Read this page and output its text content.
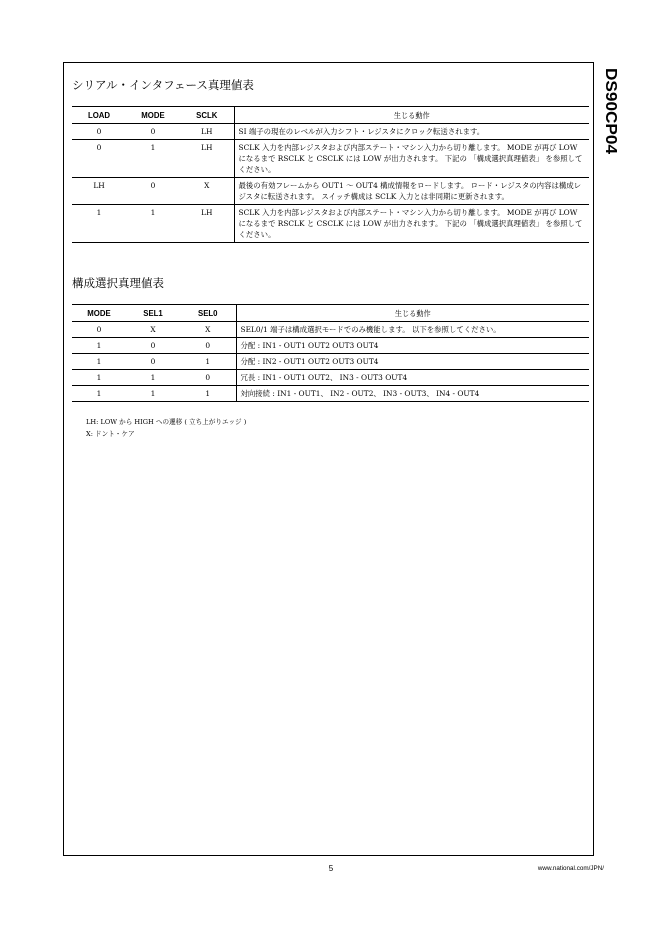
DS90CP04
シリアル・インタフェース真理値表
LOAD	MODE	SCLK	生じる動作
0	0	LH	SI 端子の現在のレベルが入力シフト・レジスタにクロック転送されます。
0	1	LH	SCLK 入力を内部レジスタおよび内部ステート・マシン入力から切り離します。 MODE が再び LOW になるまで RSCLK と CSCLK には LOW が出力されます。 下記の 「構成選択真理値表」 を参照してください。
LH	0	X	最後の有効フレームから OUT1 〜 OUT4 構成情報をロードします。 ロード・レジスタの内容は構成レジスタに転送されます。 スイッチ構成は SCLK 入力とは非同期に更新されます。
1	1	LH	SCLK 入力を内部レジスタおよび内部ステート・マシン入力から切り離します。 MODE が再び LOW になるまで RSCLK と CSCLK には LOW が出力されます。 下記の 「構成選択真理値表」 を参照してください。
構成選択真理値表
MODE	SEL1	SEL0	生じる動作
0	X	X	SEL0/1 端子は構成選択モードでのみ機能します。 以下を参照してください。
1	0	0	分配 : IN1 - OUT1 OUT2 OUT3 OUT4
1	0	1	分配 : IN2 - OUT1 OUT2 OUT3 OUT4
1	1	0	冗長 : IN1 - OUT1 OUT2、 IN3 - OUT3 OUT4
1	1	1	対向接続 : IN1 - OUT1、 IN2 - OUT2、 IN3 - OUT3、 IN4 - OUT4
LH: LOW から HIGH への遷移 ( 立ち上がりエッジ )
X: ドント・ケア
5	www.national.com/JPN/
